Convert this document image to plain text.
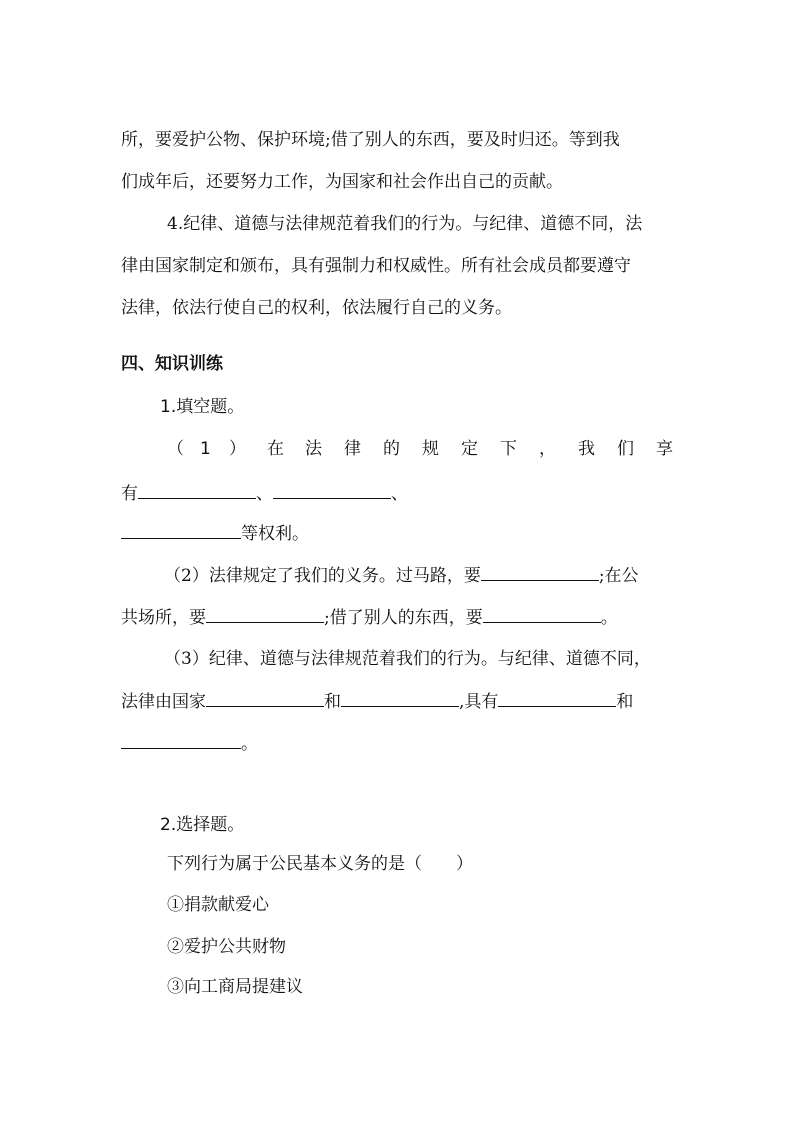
所，要爱护公物、保护环境;借了别人的东西，要及时归还。等到我
们成年后，还要努力工作，为国家和社会作出自己的贡献。
4.纪律、道德与法律规范着我们的行为。与纪律、道德不同，法
律由国家制定和颁布，具有强制力和权威性。所有社会成员都要遵守
法律，依法行使自己的权利，依法履行自己的义务。
四、知识训练
1.填空题。
（ 1 ） 在 法 律 的 规 定 下 ， 我 们 享
有	、	、
等权利。
（2）法律规定了我们的义务。过马路，要	;在公
共场所，要	;借了别人的东西，要	。
（3）纪律、道德与法律规范着我们的行为。与纪律、道德不同，
法律由国家	和	,具有	和
。
2.选择题。
下列行为属于公民基本义务的是（　　）
①捐款献爱心
②爱护公共财物
③向工商局提建议
